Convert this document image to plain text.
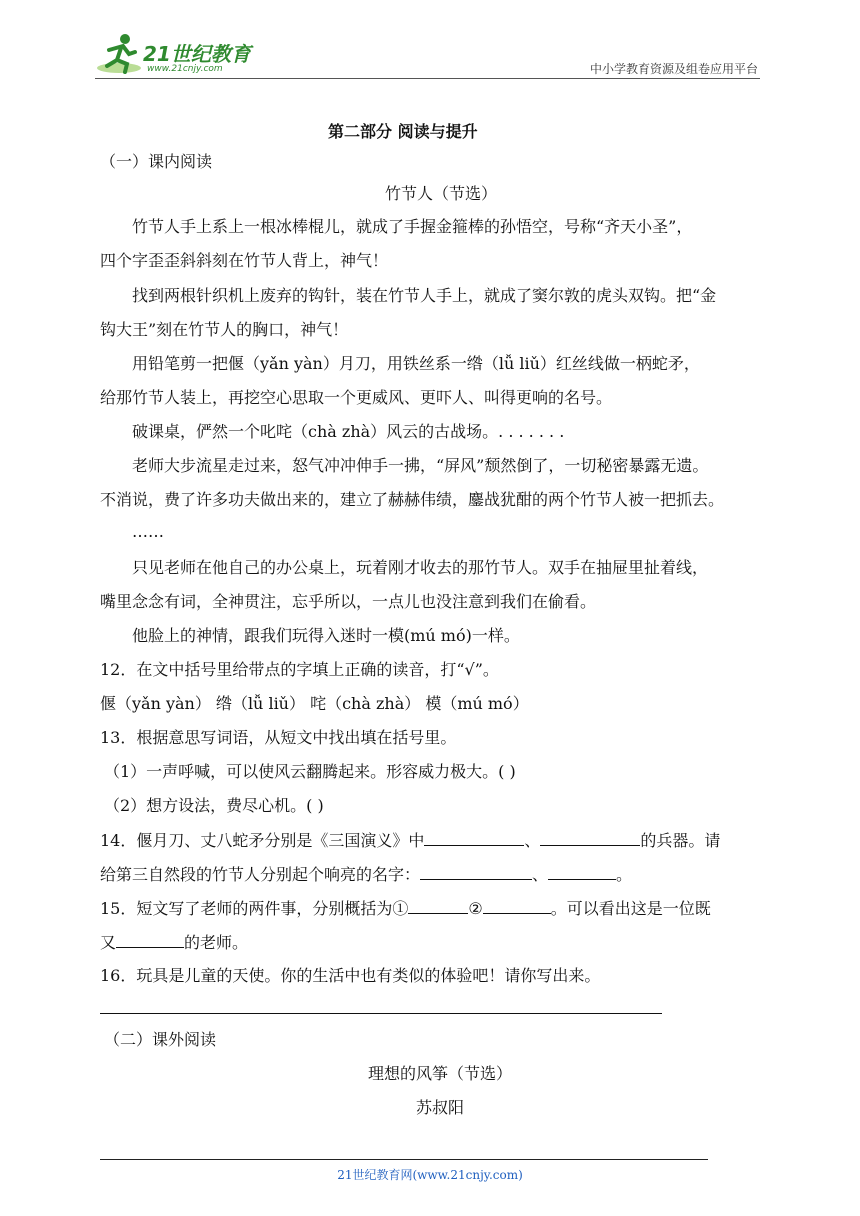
21世纪教育
www.21cnjy.com	中小学教育资源及组卷应用平台
第二部分 阅读与提升
（一）课内阅读
竹节人（节选）
竹节人手上系上一根冰棒棍儿，就成了手握金箍棒的孙悟空，号称“齐天小圣”，
四个字歪歪斜斜刻在竹节人背上，神气！
找到两根针织机上废弃的钩针，装在竹节人手上，就成了窦尔敦的虎头双钩。把“金
钩大王”刻在竹节人的胸口，神气！
用铅笔剪一把偃（yǎn yàn）月刀，用铁丝系一绺（lǚ liǔ）红丝线做一柄蛇矛，
给那竹节人装上，再挖空心思取一个更威风、更吓人、叫得更响的名号。
破课桌，俨然一个叱咤（chà zhà）风云的古战场。. . . . . . .
老师大步流星走过来，怒气冲冲伸手一拂，“屏风”颓然倒了，一切秘密暴露无遗。
不消说，费了许多功夫做出来的，建立了赫赫伟绩，鏖战犹酣的两个竹节人被一把抓去。
……
只见老师在他自己的办公桌上，玩着刚才收去的那竹节人。双手在抽屉里扯着线，
嘴里念念有词，全神贯注，忘乎所以，一点儿也没注意到我们在偷看。
他脸上的神情，跟我们玩得入迷时一模(mú mó)一样。
12．在文中括号里给带点的字填上正确的读音，打“√”。
偃（yǎn yàn） 绺（lǚ liǔ） 咤（chà zhà） 模（mú mó）
13．根据意思写词语，从短文中找出填在括号里。
（1）一声呼喊，可以使风云翻腾起来。形容威力极大。( )
（2）想方设法，费尽心机。( )
14．偃月刀、丈八蛇矛分别是《三国演义》中	、	的兵器。请
给第三自然段的竹节人分别起个响亮的名字：	、	。
15．短文写了老师的两件事，分别概括为①	②	。可以看出这是一位既
又	的老师。
16．玩具是儿童的天使。你的生活中也有类似的体验吧！请你写出来。
（二）课外阅读
理想的风筝（节选）
苏叔阳
21世纪教育网(www.21cnjy.com)
